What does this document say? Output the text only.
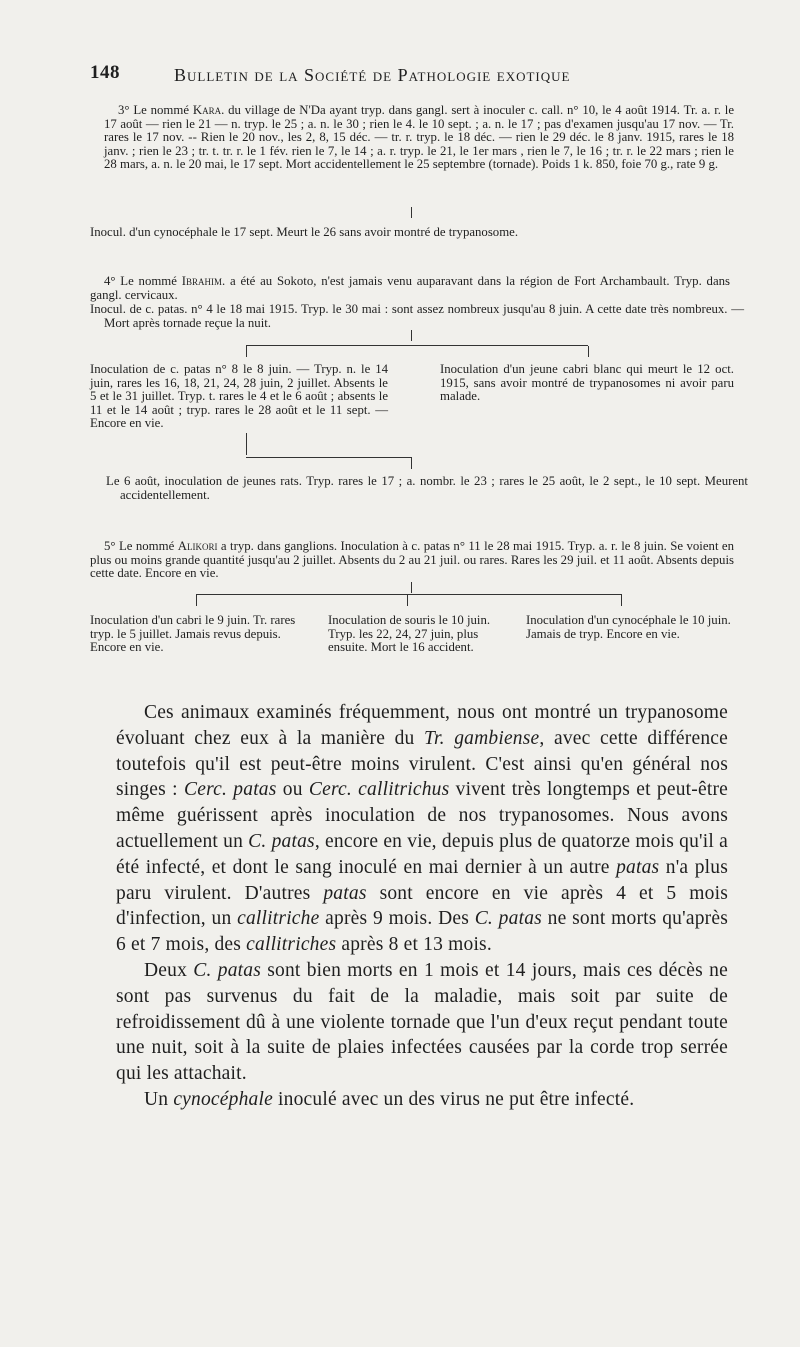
148	Bulletin de la Société de Pathologie exotique
3° Le nommé Kara. du village de N'Da ayant tryp. dans gangl. sert à inoculer c. call. n° 10, le 4 août 1914. Tr. a. r. le 17 août — rien le 21 — n. tryp. le 25 ; a. n. le 30 ; rien le 4. le 10 sept. ; a. n. le 17 ; pas d'examen jusqu'au 17 nov. — Tr. rares le 17 nov. -- Rien le 20 nov., les 2, 8, 15 déc. — tr. r. tryp. le 18 déc. — rien le 29 déc. le 8 janv. 1915, rares le 18 janv. ; rien le 23 ; tr. t. tr. r. le 1 fév. rien le 7, le 14 ; a. r. tryp. le 21, le 1er mars , rien le 7, le 16 ; tr. r. le 22 mars ; rien le 28 mars, a. n. le 20 mai, le 17 sept. Mort accidentellement le 25 septembre (tornade). Poids 1 k. 850, foie 70 g., rate 9 g.
Inocul. d'un cynocéphale le 17 sept. Meurt le 26 sans avoir montré de trypanosome.
4° Le nommé Ibrahim. a été au Sokoto, n'est jamais venu auparavant dans la région de Fort Archambault. Tryp. dans gangl. cervicaux.
Inocul. de c. patas. n° 4 le 18 mai 1915. Tryp. le 30 mai : sont assez nombreux jusqu'au 8 juin. A cette date très nombreux. — Mort après tornade reçue la nuit.
Inoculation de c. patas n° 8 le 8 juin. — Tryp. n. le 14 juin, rares les 16, 18, 21, 24, 28 juin, 2 juillet. Absents le 5 et le 31 juillet. Tryp. t. rares le 4 et le 6 août ; absents le 11 et le 14 août ; tryp. rares le 28 août et le 11 sept. — Encore en vie.
Inoculation d'un jeune cabri blanc qui meurt le 12 oct. 1915, sans avoir montré de trypanosomes ni avoir paru malade.
Le 6 août, inoculation de jeunes rats. Tryp. rares le 17 ; a. nombr. le 23 ; rares le 25 août, le 2 sept., le 10 sept. Meurent accidentellement.
5° Le nommé Alikori a tryp. dans ganglions. Inoculation à c. patas n° 11 le 28 mai 1915. Tryp. a. r. le 8 juin. Se voient en plus ou moins grande quantité jusqu'au 2 juillet. Absents du 2 au 21 juil. ou rares. Rares les 29 juil. et 11 août. Absents depuis cette date. Encore en vie.
Inoculation d'un cabri le 9 juin. Tr. rares tryp. le 5 juillet. Jamais revus depuis. Encore en vie.
Inoculation de souris le 10 juin. Tryp. les 22, 24, 27 juin, plus ensuite. Mort le 16 accident.
Inoculation d'un cynocéphale le 10 juin. Jamais de tryp. Encore en vie.

Ces animaux examinés fréquemment, nous ont montré un trypanosome évoluant chez eux à la manière du Tr. gambiense, avec cette différence toutefois qu'il est peut-être moins virulent. C'est ainsi qu'en général nos singes : Cerc. patas ou Cerc. callitrichus vivent très longtemps et peut-être même guérissent après inoculation de nos trypanosomes. Nous avons actuellement un C. patas, encore en vie, depuis plus de quatorze mois qu'il a été infecté, et dont le sang inoculé en mai dernier à un autre patas n'a plus paru virulent. D'autres patas sont encore en vie après 4 et 5 mois d'infection, un callitriche après 9 mois. Des C. patas ne sont morts qu'après 6 et 7 mois, des callitriches après 8 et 13 mois.

Deux C. patas sont bien morts en 1 mois et 14 jours, mais ces décès ne sont pas survenus du fait de la maladie, mais soit par suite de refroidissement dû à une violente tornade que l'un d'eux reçut pendant toute une nuit, soit à la suite de plaies infectées causées par la corde trop serrée qui les attachait.

Un cynocéphale inoculé avec un des virus ne put être infecté.
